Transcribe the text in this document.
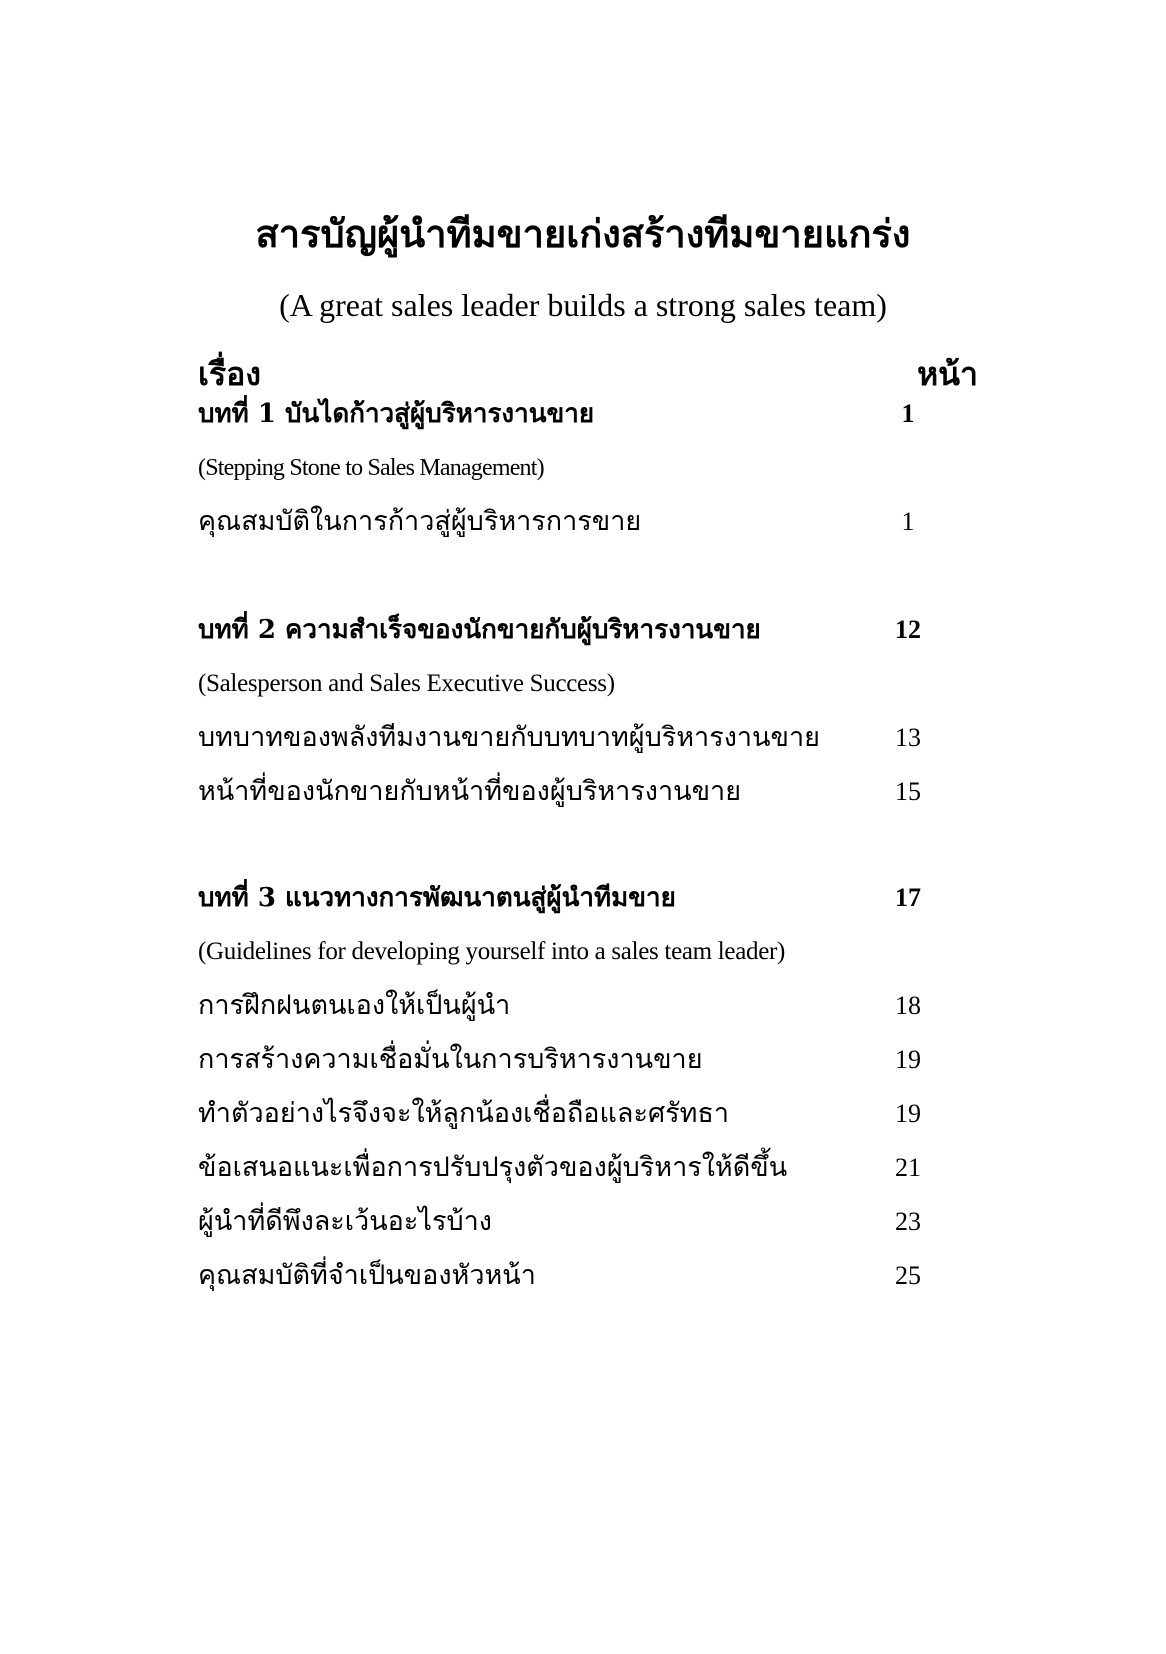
สารบัญผู้นำทีมขายเก่งสร้างทีมขายแกร่ง
(A great sales leader builds a strong sales team)
เรื่อง	หน้า
บทที่ 1 บันไดก้าวสู่ผู้บริหารงานขาย	1
(Stepping Stone to Sales Management)
คุณสมบัติในการก้าวสู่ผู้บริหารการขาย	1
บทที่ 2 ความสำเร็จของนักขายกับผู้บริหารงานขาย	12
(Salesperson and Sales Executive Success)
บทบาทของพลังทีมงานขายกับบทบาทผู้บริหารงานขาย	13
หน้าที่ของนักขายกับหน้าที่ของผู้บริหารงานขาย	15
บทที่ 3 แนวทางการพัฒนาตนสู่ผู้นำทีมขาย	17
(Guidelines for developing yourself into a sales team leader)
การฝึกฝนตนเองให้เป็นผู้นำ	18
การสร้างความเชื่อมั่นในการบริหารงานขาย	19
ทำตัวอย่างไรจึงจะให้ลูกน้องเชื่อถือและศรัทธา	19
ข้อเสนอแนะเพื่อการปรับปรุงตัวของผู้บริหารให้ดีขึ้น	21
ผู้นำที่ดีพึงละเว้นอะไรบ้าง	23
คุณสมบัติที่จำเป็นของหัวหน้า	25
